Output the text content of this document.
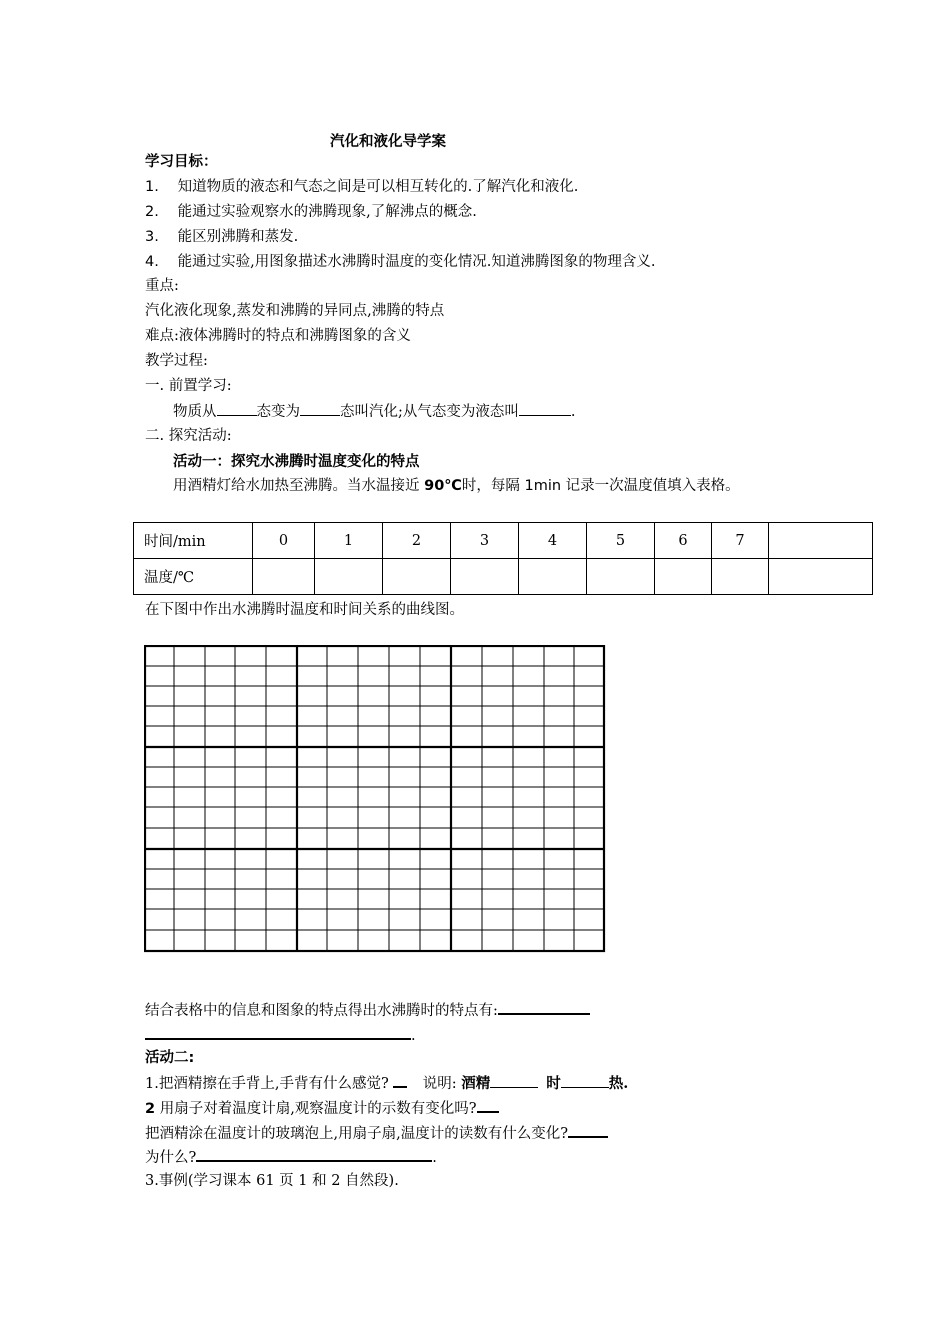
汽化和液化导学案
学习目标：
1. 知道物质的液态和气态之间是可以相互转化的.了解汽化和液化.
2. 能通过实验观察水的沸腾现象,了解沸点的概念.
3. 能区别沸腾和蒸发.
4. 能通过实验,用图象描述水沸腾时温度的变化情况.知道沸腾图象的物理含义.
重点:
汽化液化现象,蒸发和沸腾的异同点,沸腾的特点
难点:液体沸腾时的特点和沸腾图象的含义
教学过程:
一. 前置学习:
物质从	态变为	态叫汽化;从气态变为液态叫	.
二. 探究活动:
活动一：探究水沸腾时温度变化的特点
用酒精灯给水加热至沸腾。当水温接近 90℃时，每隔 1min 记录一次温度值填入表格。
时间/min	0	1	2	3	4	5	6	7	
温度/℃									
在下图中作出水沸腾时温度和时间关系的曲线图。
结合表格中的信息和图象的特点得出水沸腾时的特点有:
.
活动二:
1.把酒精擦在手背上,手背有什么感觉? 说明: 酒精	时	热.
2 用扇子对着温度计扇,观察温度计的示数有变化吗?
把酒精涂在温度计的玻璃泡上,用扇子扇,温度计的读数有什么变化?
为什么?	.
3.事例(学习课本 61 页 1 和 2 自然段).
